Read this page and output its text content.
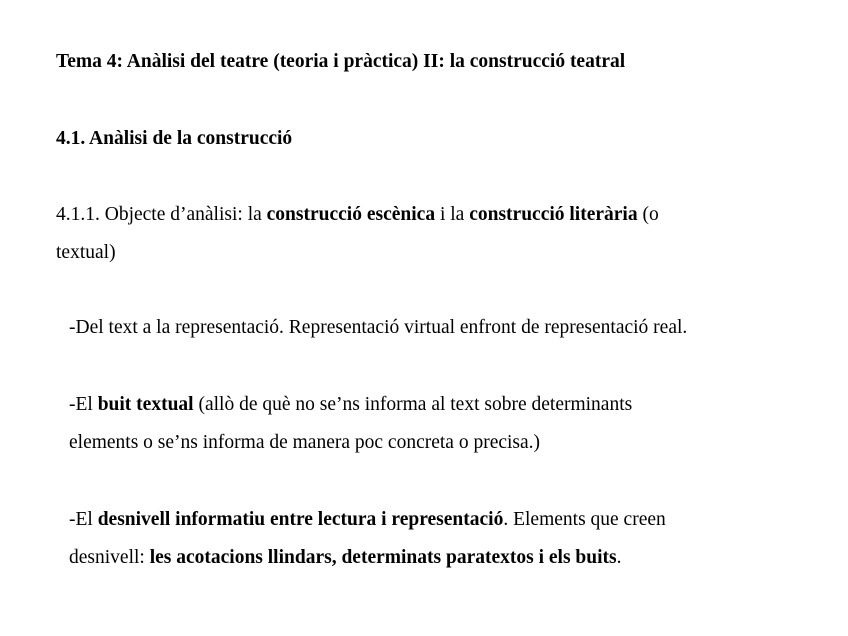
Tema 4: Anàlisi del teatre (teoria i pràctica) II: la construcció teatral
4.1. Anàlisi de la construcció
4.1.1. Objecte d’anàlisi: la construcció escènica i la construcció literària (o
textual)
-Del text a la representació. Representació virtual enfront de representació real.
-El buit textual (allò de què no se’ns informa al text sobre determinants
elements o se’ns informa de manera poc concreta o precisa.)
-El desnivell informatiu entre lectura i representació. Elements que creen
desnivell: les acotacions llindars, determinats paratextos i els buits.
